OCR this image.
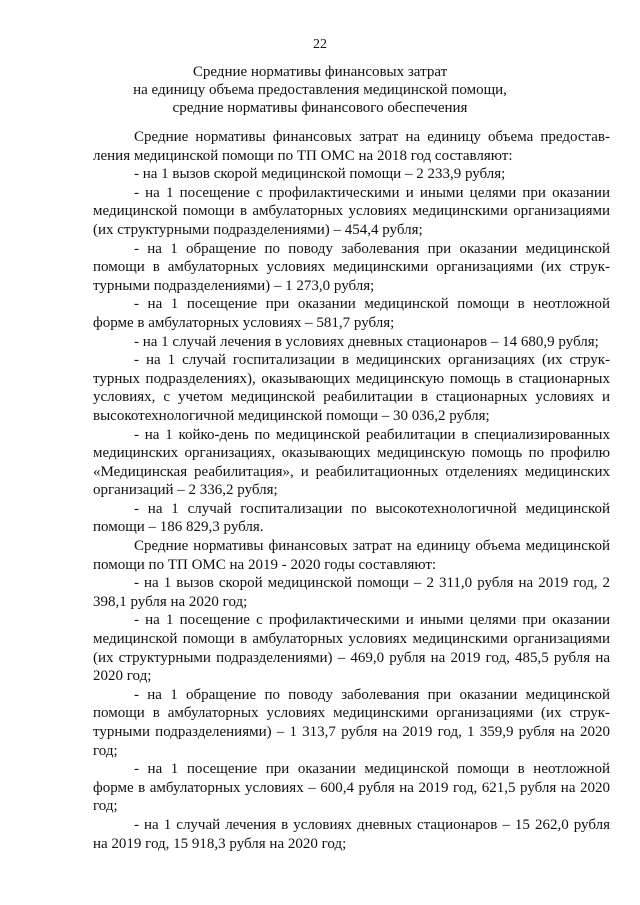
22
Средние нормативы финансовых затрат
на единицу объема предоставления медицинской помощи,
средние нормативы финансового обеспечения

Средние нормативы финансовых затрат на единицу объема предоставления медицинской помощи по ТП ОМС на 2018 год составляют:

- на 1 вызов скорой медицинской помощи – 2 233,9 рубля;

- на 1 посещение с профилактическими и иными целями при оказании медицинской помощи в амбулаторных условиях медицинскими организациями (их структурными подразделениями) – 454,4 рубля;

- на 1 обращение по поводу заболевания при оказании медицинской помощи в амбулаторных условиях медицинскими организациями (их структурными подразделениями) – 1 273,0 рубля;

- на 1 посещение при оказании медицинской помощи в неотложной форме в амбулаторных условиях – 581,7 рубля;

- на 1 случай лечения в условиях дневных стационаров – 14 680,9 рубля;

- на 1 случай госпитализации в медицинских организациях (их структурных подразделениях), оказывающих медицинскую помощь в стационарных условиях, с учетом медицинской реабилитации в стационарных условиях и высокотехнологичной медицинской помощи – 30 036,2 рубля;

- на 1 койко-день по медицинской реабилитации в специализированных медицинских организациях, оказывающих медицинскую помощь по профилю «Медицинская реабилитация», и реабилитационных отделениях медицинских организаций – 2 336,2 рубля;

- на 1 случай госпитализации по высокотехнологичной медицинской помощи – 186 829,3 рубля.

Средние нормативы финансовых затрат на единицу объема медицинской помощи по ТП ОМС на 2019 - 2020 годы составляют:

- на 1 вызов скорой медицинской помощи – 2 311,0 рубля на 2019 год, 2 398,1 рубля на 2020 год;

- на 1 посещение с профилактическими и иными целями при оказании медицинской помощи в амбулаторных условиях медицинскими организациями (их структурными подразделениями) – 469,0 рубля на 2019 год, 485,5 рубля на 2020 год;

- на 1 обращение по поводу заболевания при оказании медицинской помощи в амбулаторных условиях медицинскими организациями (их структурными подразделениями) – 1 313,7 рубля на 2019 год, 1 359,9 рубля на 2020 год;

- на 1 посещение при оказании медицинской помощи в неотложной форме в амбулаторных условиях – 600,4 рубля на 2019 год, 621,5 рубля на 2020 год;

- на 1 случай лечения в условиях дневных стационаров – 15 262,0 рубля на 2019 год, 15 918,3 рубля на 2020 год;
